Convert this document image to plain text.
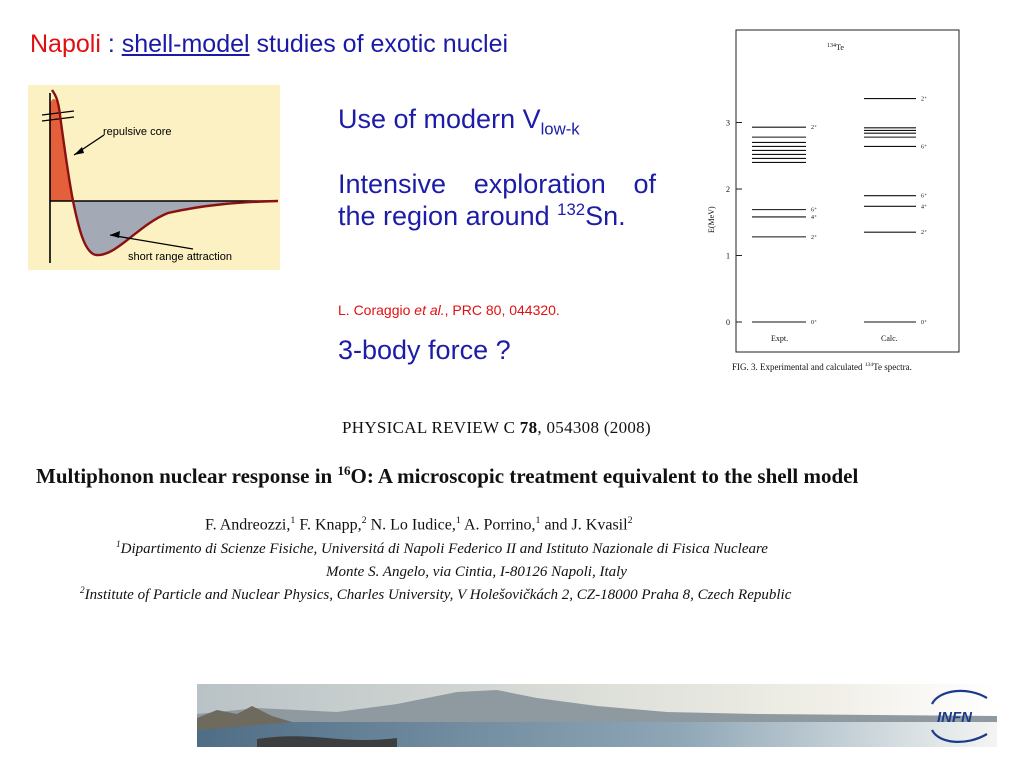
Napoli : shell-model studies of exotic nuclei
repulsive core
short range attraction
Use of modern $V_{low-k}$
Intensive exploration of the region around $^{132}$Sn.
L. Coraggio et al., PRC 80, 044320.
3-body force ?
$^{134}$Te
E(MeV)
0
1
2
3
0⁺
2⁺
4⁺
6⁺
2⁺
0⁺
2⁺
4⁺
6⁺
6⁺
2⁺
Expt.	Calc.
FIG. 3. Experimental and calculated $^{134}$Te spectra.
PHYSICAL REVIEW C 78, 054308 (2008)
Multiphonon nuclear response in $^{16}$O: A microscopic treatment equivalent to the shell model
F. Andreozzi,$^1$ F. Knapp,$^2$ N. Lo Iudice,$^1$ A. Porrino,$^1$ and J. Kvasil$^2$
$^1$Dipartimento di Scienze Fisiche, Universitá di Napoli Federico II and Istituto Nazionale di Fisica Nucleare
Monte S. Angelo, via Cintia, I-80126 Napoli, Italy
$^2$Institute of Particle and Nuclear Physics, Charles University, V Holešovičkách 2, CZ-18000 Praha 8, Czech Republic
INFN
